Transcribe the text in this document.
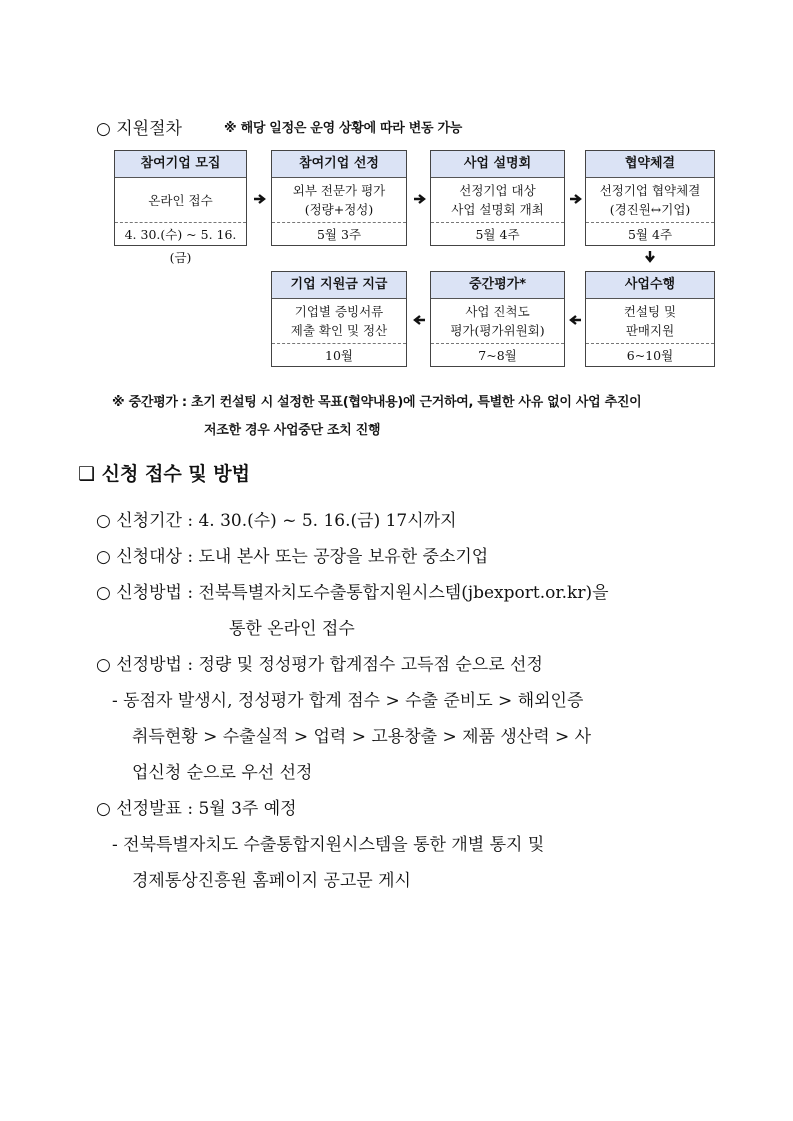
○ 지원절차	※ 해당 일정은 운영 상황에 따라 변동 가능
참여기업 모집
온라인 접수
4. 30.(수) ~ 5. 16.(금)
참여기업 선정
외부 전문가 평가
(정량+정성)
5월 3주
사업 설명회
선정기업 대상
사업 설명회 개최
5월 4주
협약체결
선정기업 협약체결
(경진원↔기업)
5월 4주
사업수행
컨설팅 및
판매지원
6~10월
중간평가*
사업 진척도
평가(평가위원회)
7~8월
기업 지원금 지급
기업별 증빙서류
제출 확인 및 정산
10월
※ 중간평가 : 초기 컨설팅 시 설정한 목표(협약내용)에 근거하여, 특별한 사유 없이 사업 추진이
저조한 경우 사업중단 조치 진행
❑ 신청 접수 및 방법
○ 신청기간 : 4. 30.(수) ~ 5. 16.(금) 17시까지
○ 신청대상 : 도내 본사 또는 공장을 보유한 중소기업
○ 신청방법 : 전북특별자치도수출통합지원시스템(jbexport.or.kr)을
통한 온라인 접수
○ 선정방법 : 정량 및 정성평가 합계점수 고득점 순으로 선정
- 동점자 발생시, 정성평가 합계 점수 > 수출 준비도 > 해외인증
취득현황 > 수출실적 > 업력 > 고용창출 > 제품 생산력 > 사
업신청 순으로 우선 선정
○ 선정발표 : 5월 3주 예정
- 전북특별자치도 수출통합지원시스템을 통한 개별 통지 및
경제통상진흥원 홈페이지 공고문 게시
